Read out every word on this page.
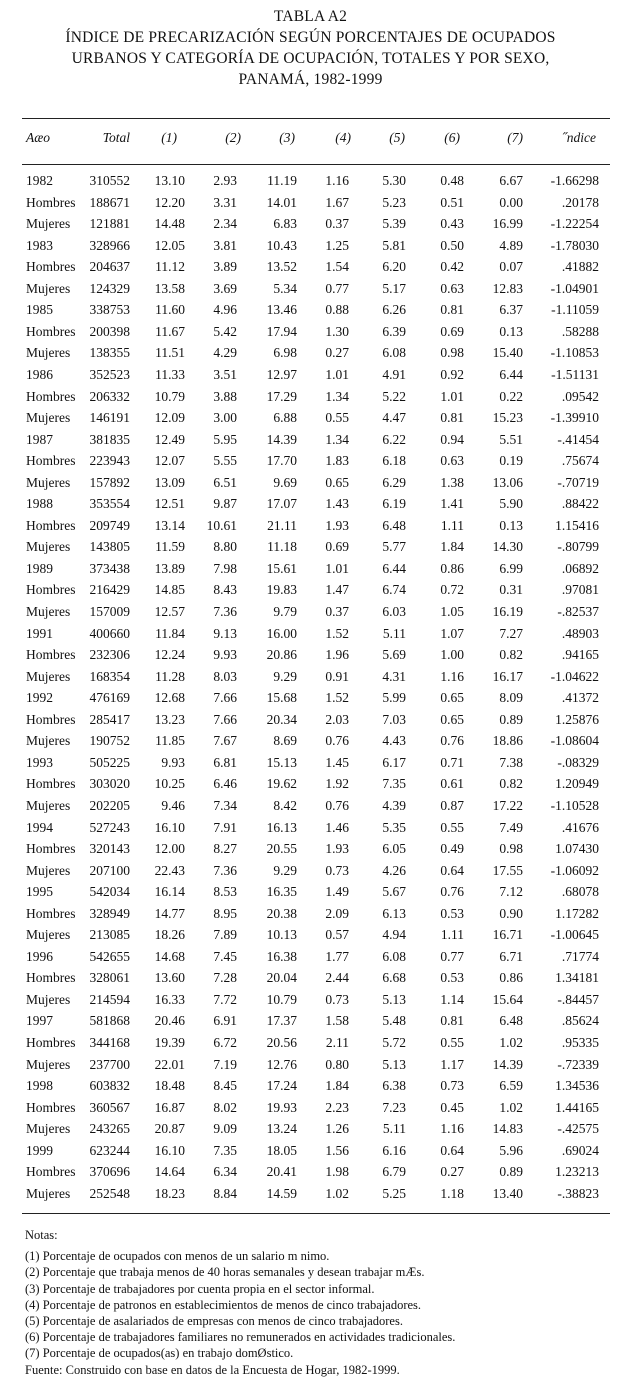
TABLA A2
ÍNDICE DE PRECARIZACIÓN SEGÚN PORCENTAJES DE OCUPADOS
URBANOS Y CATEGORÍA DE OCUPACIÓN, TOTALES Y POR SEXO,
PANAMÁ, 1982-1999
Aæo	Total (1)	(2)	(3)	(4)	(5)	(6)	(7)	˝ndice
1982	310552 13.10 2.93 11.19 1.16 5.30	0.48	6.67 -1.66298
Hombres 188671 12.20 3.31 14.01 1.67 5.23	0.51	0.00	.20178
Mujeres 121881 14.48 2.34	6.83 0.37 5.39	0.43 16.99 -1.22254
1983	328966 12.05 3.81 10.43 1.25 5.81	0.50	4.89 -1.78030
Hombres 204637 11.12 3.89 13.52 1.54 6.20	0.42	0.07	.41882
Mujeres 124329 13.58 3.69	5.34 0.77 5.17	0.63 12.83 -1.04901
1985	338753 11.60 4.96 13.46 0.88 6.26	0.81	6.37 -1.11059
Hombres 200398 11.67 5.42 17.94 1.30 6.39	0.69	0.13	.58288
Mujeres 138355 11.51 4.29	6.98 0.27 6.08	0.98 15.40 -1.10853
1986	352523 11.33 3.51 12.97 1.01 4.91	0.92	6.44 -1.51131
Hombres 206332 10.79 3.88 17.29 1.34 5.22	1.01	0.22	.09542
Mujeres 146191 12.09 3.00	6.88 0.55 4.47	0.81 15.23 -1.39910
1987	381835 12.49 5.95 14.39 1.34 6.22	0.94	5.51	-.41454
Hombres 223943 12.07 5.55 17.70 1.83 6.18	0.63	0.19	.75674
Mujeres 157892 13.09 6.51	9.69 0.65 6.29	1.38 13.06	-.70719
1988	353554 12.51 9.87 17.07 1.43 6.19	1.41	5.90	.88422
Hombres 209749 13.14 10.61 21.11 1.93 6.48	1.11	0.13 1.15416
Mujeres 143805 11.59 8.80 11.18 0.69 5.77	1.84 14.30	-.80799
1989	373438 13.89 7.98 15.61 1.01 6.44	0.86	6.99	.06892
Hombres 216429 14.85 8.43 19.83 1.47 6.74	0.72	0.31	.97081
Mujeres 157009 12.57 7.36	9.79 0.37 6.03	1.05 16.19	-.82537
1991	400660 11.84 9.13 16.00 1.52	5.11	1.07	7.27	.48903
Hombres 232306 12.24 9.93 20.86 1.96 5.69	1.00	0.82	.94165
Mujeres 168354 11.28 8.03	9.29 0.91 4.31	1.16 16.17 -1.04622
1992	476169 12.68 7.66 15.68 1.52 5.99	0.65	8.09	.41372
Hombres 285417 13.23 7.66 20.34 2.03 7.03	0.65	0.89 1.25876
Mujeres 190752 11.85 7.67	8.69 0.76 4.43	0.76 18.86 -1.08604
1993	505225 9.93 6.81 15.13 1.45 6.17	0.71	7.38	-.08329
Hombres 303020 10.25 6.46 19.62 1.92 7.35	0.61	0.82 1.20949
Mujeres 202205 9.46 7.34	8.42 0.76 4.39	0.87 17.22 -1.10528
1994	527243 16.10 7.91 16.13 1.46 5.35	0.55	7.49	.41676
Hombres 320143 12.00 8.27 20.55 1.93 6.05	0.49	0.98 1.07430
Mujeres 207100 22.43 7.36	9.29 0.73 4.26	0.64 17.55 -1.06092
1995	542034 16.14 8.53 16.35 1.49 5.67	0.76	7.12	.68078
Hombres 328949 14.77 8.95 20.38 2.09 6.13	0.53	0.90 1.17282
Mujeres 213085 18.26 7.89 10.13 0.57 4.94	1.11 16.71 -1.00645
1996	542655 14.68 7.45 16.38 1.77 6.08	0.77	6.71	.71774
Hombres 328061 13.60 7.28 20.04 2.44 6.68	0.53	0.86 1.34181
Mujeres 214594 16.33 7.72 10.79 0.73 5.13	1.14 15.64	-.84457
1997	581868 20.46 6.91 17.37 1.58 5.48	0.81	6.48	.85624
Hombres 344168 19.39 6.72 20.56 2.11 5.72	0.55	1.02	.95335
Mujeres 237700 22.01 7.19 12.76 0.80 5.13	1.17 14.39	-.72339
1998	603832 18.48 8.45 17.24 1.84 6.38	0.73	6.59 1.34536
Hombres 360567 16.87 8.02 19.93 2.23 7.23	0.45	1.02 1.44165
Mujeres 243265 20.87 9.09 13.24 1.26	5.11	1.16 14.83	-.42575
1999	623244 16.10 7.35 18.05 1.56 6.16	0.64	5.96	.69024
Hombres 370696 14.64 6.34 20.41 1.98 6.79	0.27	0.89 1.23213
Mujeres 252548 18.23 8.84 14.59 1.02 5.25	1.18 13.40	-.38823
Notas:
(1) Porcentaje de ocupados con menos de un salario m nimo.
(2) Porcentaje que trabaja menos de 40 horas semanales y desean trabajar mÆs.
(3) Porcentaje de trabajadores por cuenta propia en el sector informal.
(4) Porcentaje de patronos en establecimientos de menos de cinco trabajadores.
(5) Porcentaje de asalariados de empresas con menos de cinco trabajadores.
(6) Porcentaje de trabajadores familiares no remunerados en actividades tradicionales.
(7) Porcentaje de ocupados(as) en trabajo domØstico.
Fuente: Construido con base en datos de la Encuesta de Hogar, 1982-1999.
